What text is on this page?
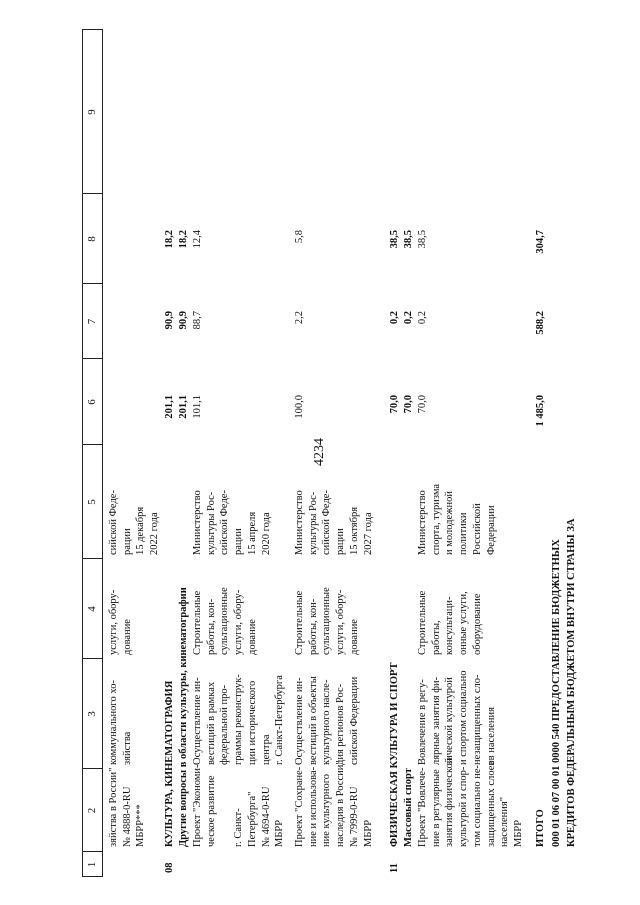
4234
1
2
3
4
5
6
7
8
9
зяйства в России"
№ 4888-0-RU
МБРР***
коммунального хо-
зяйства
услуги, обору-
дование
сийской Феде-
рации
15 декабря
2022 года
08
КУЛЬТУРА, КИНЕМАТОГРАФИЯ Другие вопросы в области культуры, кинематографии
201,1
90,9
18,2
201,1
90,9
18,2
Проект "Экономи-
ческое развитие

г. Санкт-
Петербурга"
№ 4694-0-RU
МБРР
Осуществление ин-
вестиций в рамках
федеральной про-
граммы реконструк-
ции исторического
центра
г. Санкт-Петербурга
Строительные
работы, кон-
сультационные
услуги, обору-
дование
Министерство
культуры Рос-
сийской Феде-
рации
15 апреля
2020 года
101,1
88,7
12,4
Проект "Сохране-
ние и использова-
ние культурного
наследия в России"
№ 7999-0-RU
МБРР
Осуществление ин-
вестиций в объекты
культурного насле-
дия регионов Рос-
сийской Федерации
Строительные
работы, кон-
сультационные
услуги, обору-
дование
Министерство
культуры Рос-
сийской Феде-
рации
15 октября
2027 года
100,0
2,2
5,8
11
ФИЗИЧЕСКАЯ КУЛЬТУРА И СПОРТ Массовый спорт
70,0
0,2
38,5
70,0
0,2
38,5
Проект "Вовлече-
ние в регулярные
занятия физической
культурой и спор-
том социально не-
защищенных слоев
населения"
МБРР
Вовлечение в регу-
лярные занятия фи-
зической культурой
и спортом социально
незащищенных сло-
ев населения
Строительные
работы,
консультаци-
онные услуги,
оборудование
Министерство
спорта, туризма
и молодежной
политики
Российской
Федерации
70,0
0,2
38,5
ИТОГО
1 485,0
588,2
304,7
000 01 06 07 00 01 0000 540 ПРЕДОСТАВЛЕНИЕ БЮДЖЕТНЫХ КРЕДИТОВ ФЕДЕРАЛЬНЫМ БЮДЖЕТОМ ВНУТРИ СТРАНЫ ЗА
